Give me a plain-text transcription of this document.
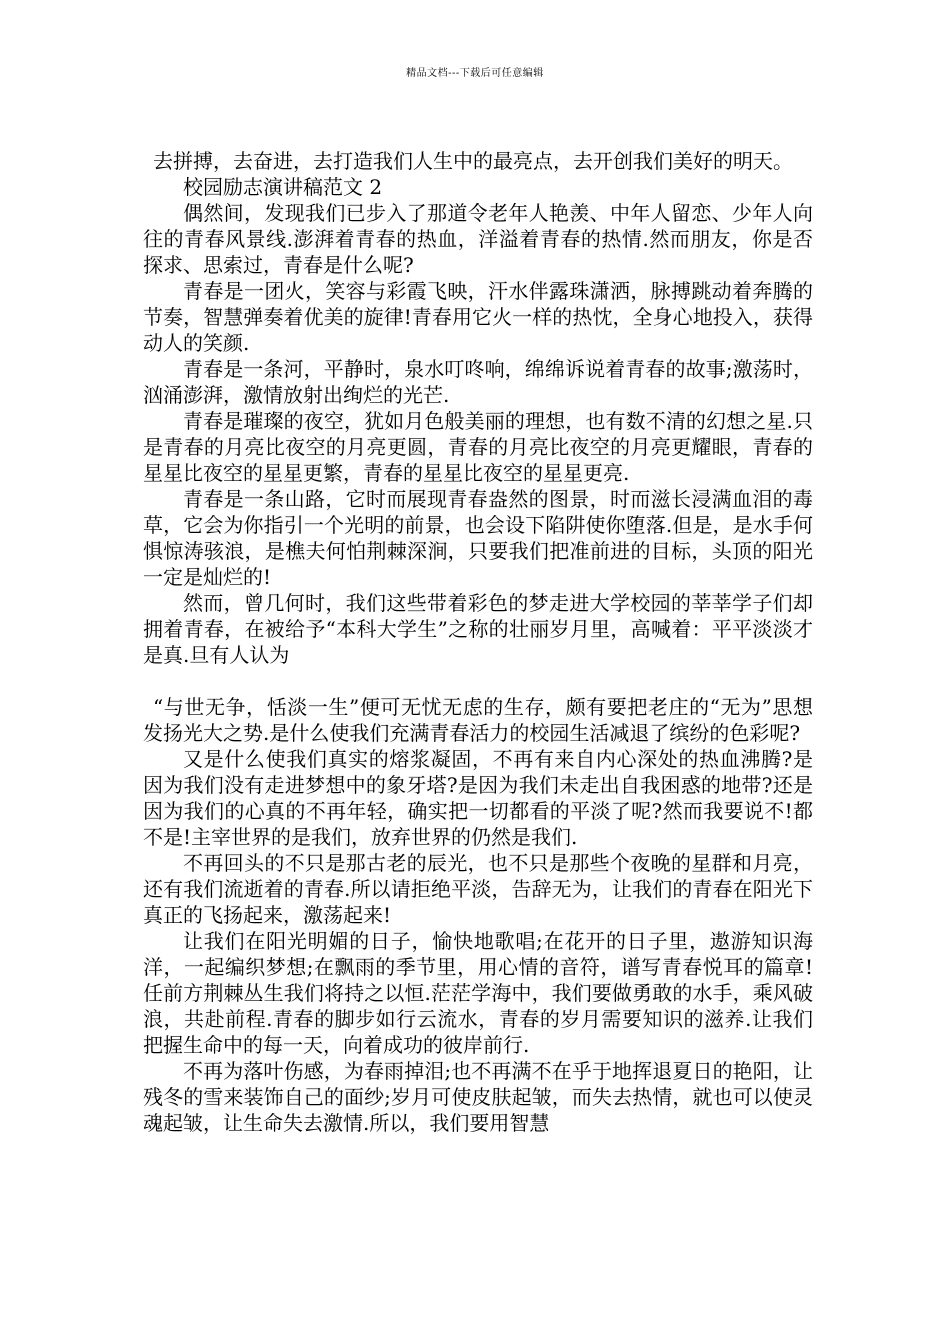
精品文档---下载后可任意编辑

去拼搏，去奋进，去打造我们人生中的最亮点，去开创我们美好的明天。

校园励志演讲稿范文 2

偶然间，发现我们已步入了那道令老年人艳羡、中年人留恋、少年人向往的青春风景线.澎湃着青春的热血，洋溢着青春的热情.然而朋友，你是否探求、思索过，青春是什么呢?

青春是一团火，笑容与彩霞飞映，汗水伴露珠潇洒，脉搏跳动着奔腾的节奏，智慧弹奏着优美的旋律!青春用它火一样的热忱，全身心地投入，获得动人的笑颜.

青春是一条河，平静时，泉水叮咚响，绵绵诉说着青春的故事;激荡时，汹涌澎湃，激情放射出绚烂的光芒.

青春是璀璨的夜空，犹如月色般美丽的理想，也有数不清的幻想之星.只是青春的月亮比夜空的月亮更圆，青春的月亮比夜空的月亮更耀眼，青春的星星比夜空的星星更繁，青春的星星比夜空的星星更亮.

青春是一条山路，它时而展现青春盎然的图景，时而滋长浸满血泪的毒草，它会为你指引一个光明的前景，也会设下陷阱使你堕落.但是，是水手何惧惊涛骇浪，是樵夫何怕荆棘深涧，只要我们把准前进的目标，头顶的阳光一定是灿烂的!

然而，曾几何时，我们这些带着彩色的梦走进大学校园的莘莘学子们却拥着青春，在被给予“本科大学生”之称的壮丽岁月里，高喊着：平平淡淡才是真.旦有人认为

“与世无争，恬淡一生”便可无忧无虑的生存，颇有要把老庄的“无为”思想发扬光大之势.是什么使我们充满青春活力的校园生活减退了缤纷的色彩呢?

又是什么使我们真实的熔浆凝固，不再有来自内心深处的热血沸腾?是因为我们没有走进梦想中的象牙塔?是因为我们未走出自我困惑的地带?还是因为我们的心真的不再年轻，确实把一切都看的平淡了呢?然而我要说不!都不是!主宰世界的是我们，放弃世界的仍然是我们.

不再回头的不只是那古老的辰光，也不只是那些个夜晚的星群和月亮，还有我们流逝着的青春.所以请拒绝平淡，告辞无为，让我们的青春在阳光下真正的飞扬起来，激荡起来!

让我们在阳光明媚的日子，愉快地歌唱;在花开的日子里，遨游知识海洋，一起编织梦想;在飘雨的季节里，用心情的音符，谱写青春悦耳的篇章!任前方荆棘丛生我们将持之以恒.茫茫学海中，我们要做勇敢的水手，乘风破浪，共赴前程.青春的脚步如行云流水，青春的岁月需要知识的滋养.让我们把握生命中的每一天，向着成功的彼岸前行.

不再为落叶伤感，为春雨掉泪;也不再满不在乎于地挥退夏日的艳阳，让残冬的雪来装饰自己的面纱;岁月可使皮肤起皱，而失去热情，就也可以使灵魂起皱，让生命失去激情.所以，我们要用智慧
